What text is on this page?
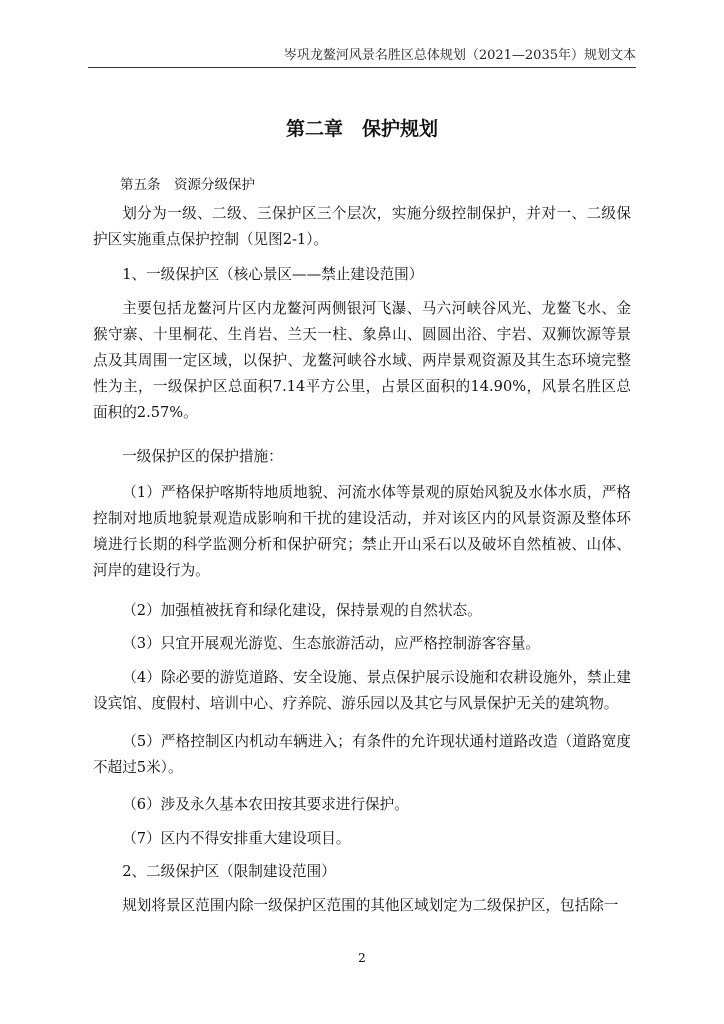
岑巩龙鳌河风景名胜区总体规划（2021—2035年）规划文本

第二章　保护规划

第五条　资源分级保护

划分为一级、二级、三保护区三个层次，实施分级控制保护，并对一、二级保护区实施重点保护控制（见图2-1）。

1、一级保护区（核心景区——禁止建设范围）

主要包括龙鳌河片区内龙鳌河两侧银河飞瀑、马六河峡谷风光、龙鳌飞水、金猴守寨、十里桐花、生肖岩、兰天一柱、象鼻山、圆圆出浴、宇岩、双狮饮源等景点及其周围一定区域，以保护、龙鳌河峡谷水域、两岸景观资源及其生态环境完整性为主，一级保护区总面积7.14平方公里，占景区面积的14.90%，风景名胜区总面积的2.57%。

一级保护区的保护措施：

（1）严格保护喀斯特地质地貌、河流水体等景观的原始风貌及水体水质，严格控制对地质地貌景观造成影响和干扰的建设活动，并对该区内的风景资源及整体环境进行长期的科学监测分析和保护研究；禁止开山采石以及破坏自然植被、山体、河岸的建设行为。

（2）加强植被抚育和绿化建设，保持景观的自然状态。

（3）只宜开展观光游览、生态旅游活动，应严格控制游客容量。

（4）除必要的游览道路、安全设施、景点保护展示设施和农耕设施外，禁止建设宾馆、度假村、培训中心、疗养院、游乐园以及其它与风景保护无关的建筑物。

（5）严格控制区内机动车辆进入；有条件的允许现状通村道路改造（道路宽度不超过5米）。

（6）涉及永久基本农田按其要求进行保护。

（7）区内不得安排重大建设项目。

2、二级保护区（限制建设范围）

规划将景区范围内除一级保护区范围的其他区域划定为二级保护区，包括除一

2
